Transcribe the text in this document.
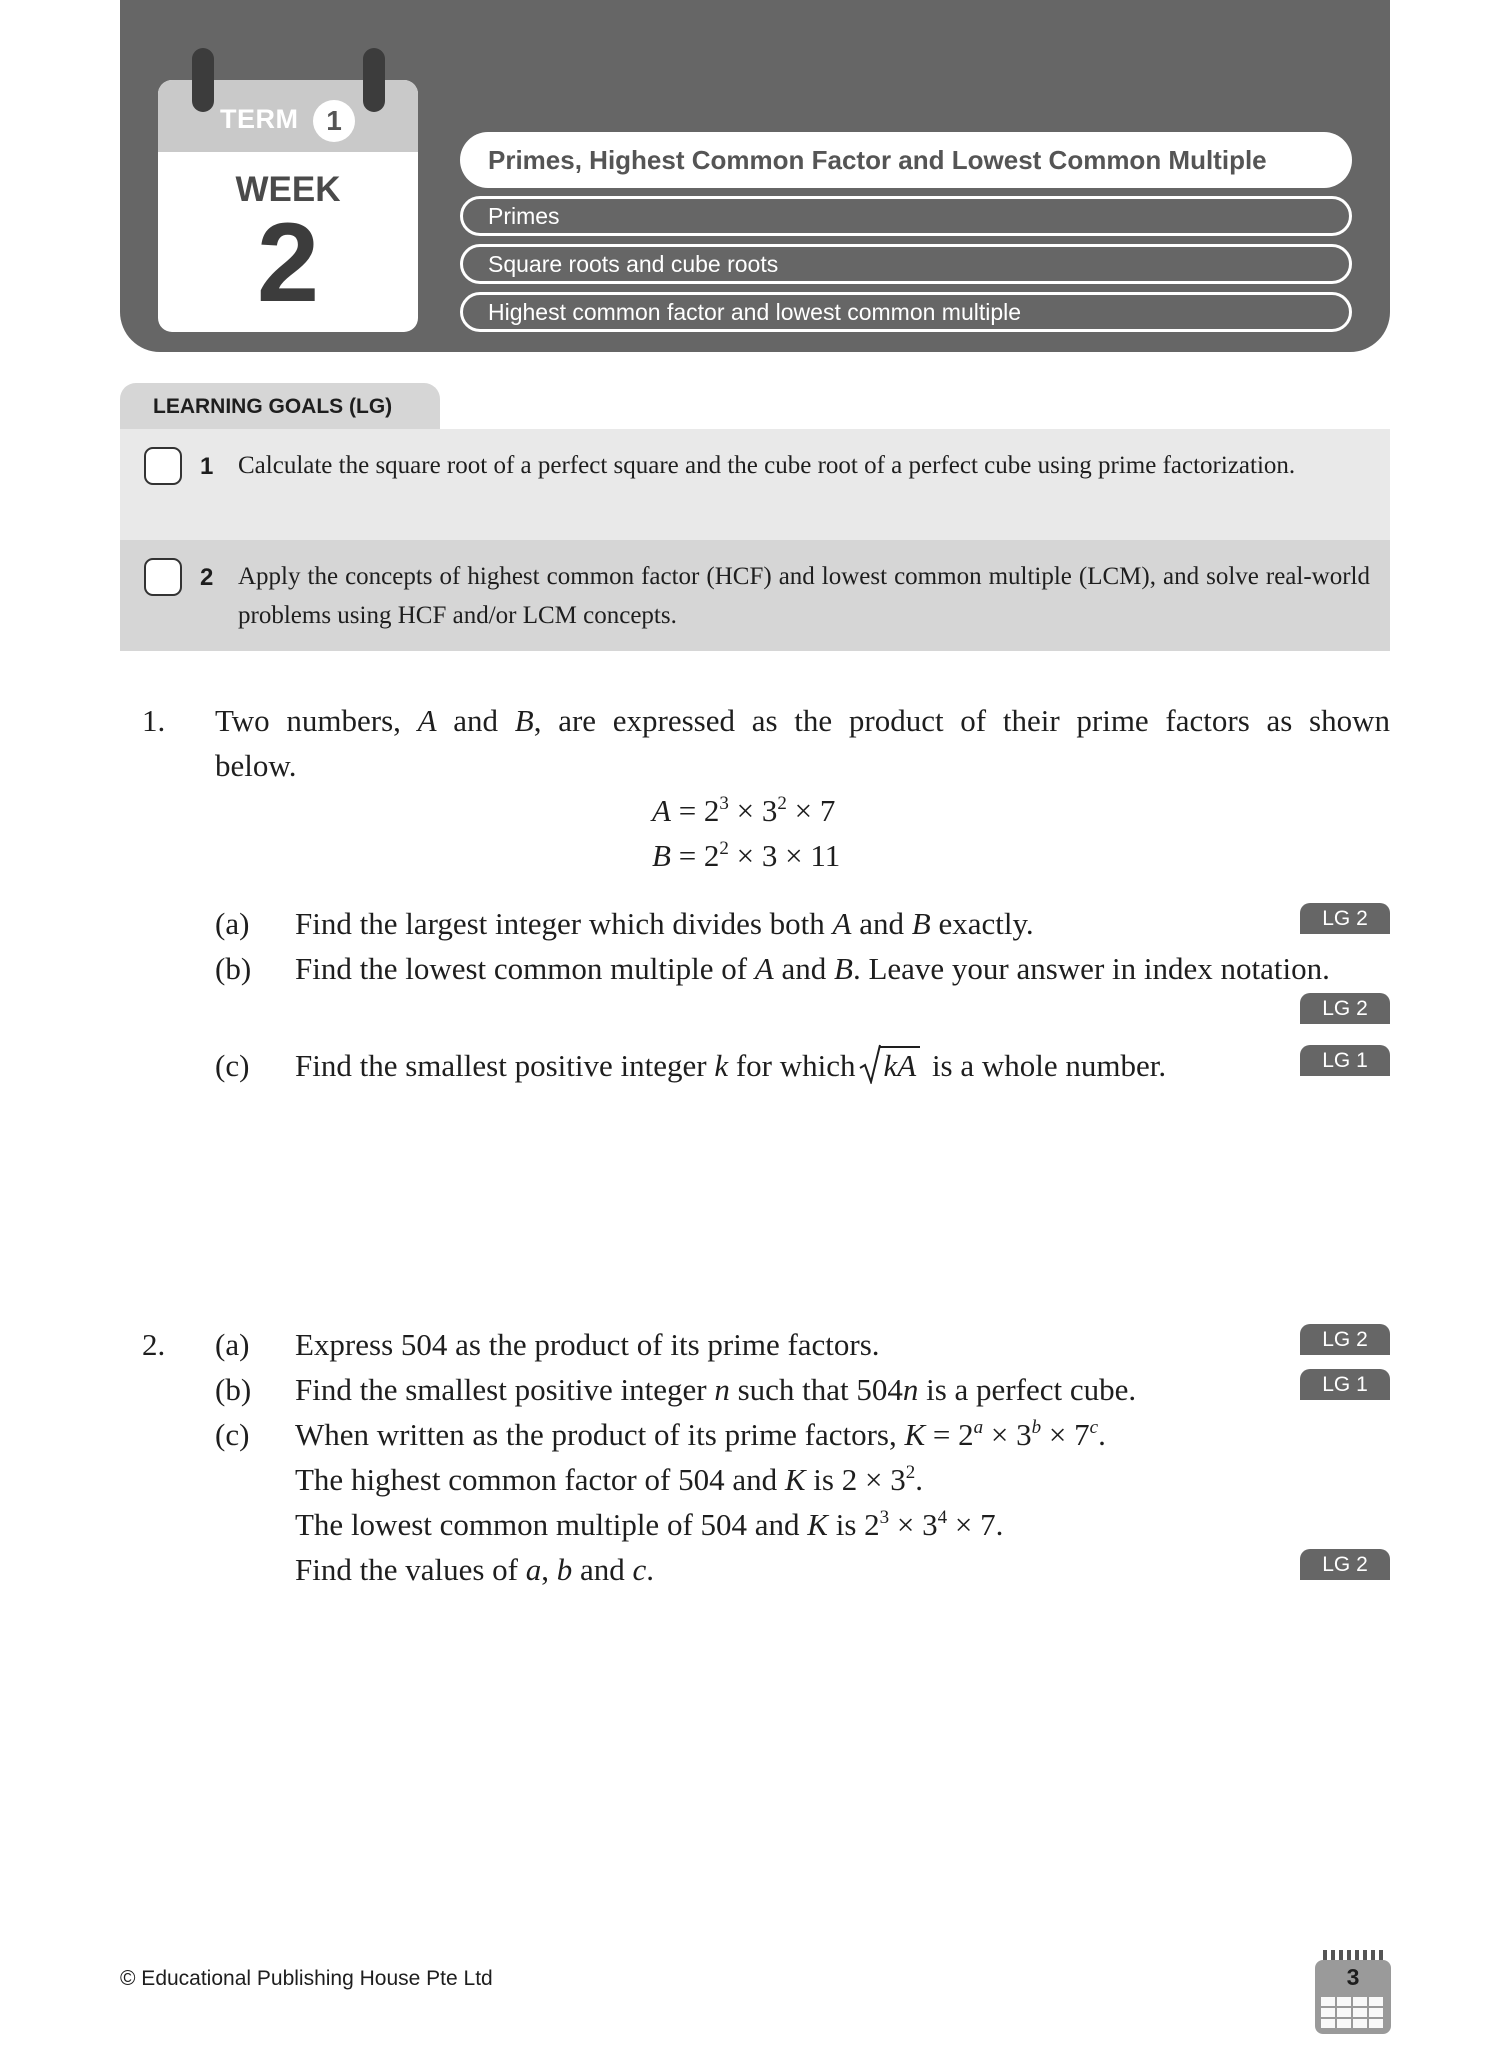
TERM 1
WEEK
2
Primes, Highest Common Factor and Lowest Common Multiple
Primes
Square roots and cube roots
Highest common factor and lowest common multiple
LEARNING GOALS (LG)
1 Calculate the square root of a perfect square and the cube root of a perfect cube using prime factorization.
2 Apply the concepts of highest common factor (HCF) and lowest common multiple (LCM), and solve real-world problems using HCF and/or LCM concepts.
1. Two numbers, A and B, are expressed as the product of their prime factors as shown
below.
$A = 2^3 \times 3^2 \times 7$
$B = 2^2 \times 3 \times 11$
(a) Find the largest integer which divides both A and B exactly.	LG 2
(b) Find the lowest common multiple of A and B. Leave your answer in index notation.
LG 2
(c) Find the smallest positive integer k for which kA is a whole number.	LG 1
2. (a) Express 504 as the product of its prime factors.	LG 2
(b) Find the smallest positive integer n such that 504n is a perfect cube.	LG 1
(c) When written as the product of its prime factors, $K = 2^a \times 3^b \times 7^c$.
The highest common factor of 504 and K is $2 \times 3^2$.
The lowest common multiple of 504 and K is $2^3 \times 3^4 \times 7$.
Find the values of a, b and c.	LG 2
© Educational Publishing House Pte Ltd	3
